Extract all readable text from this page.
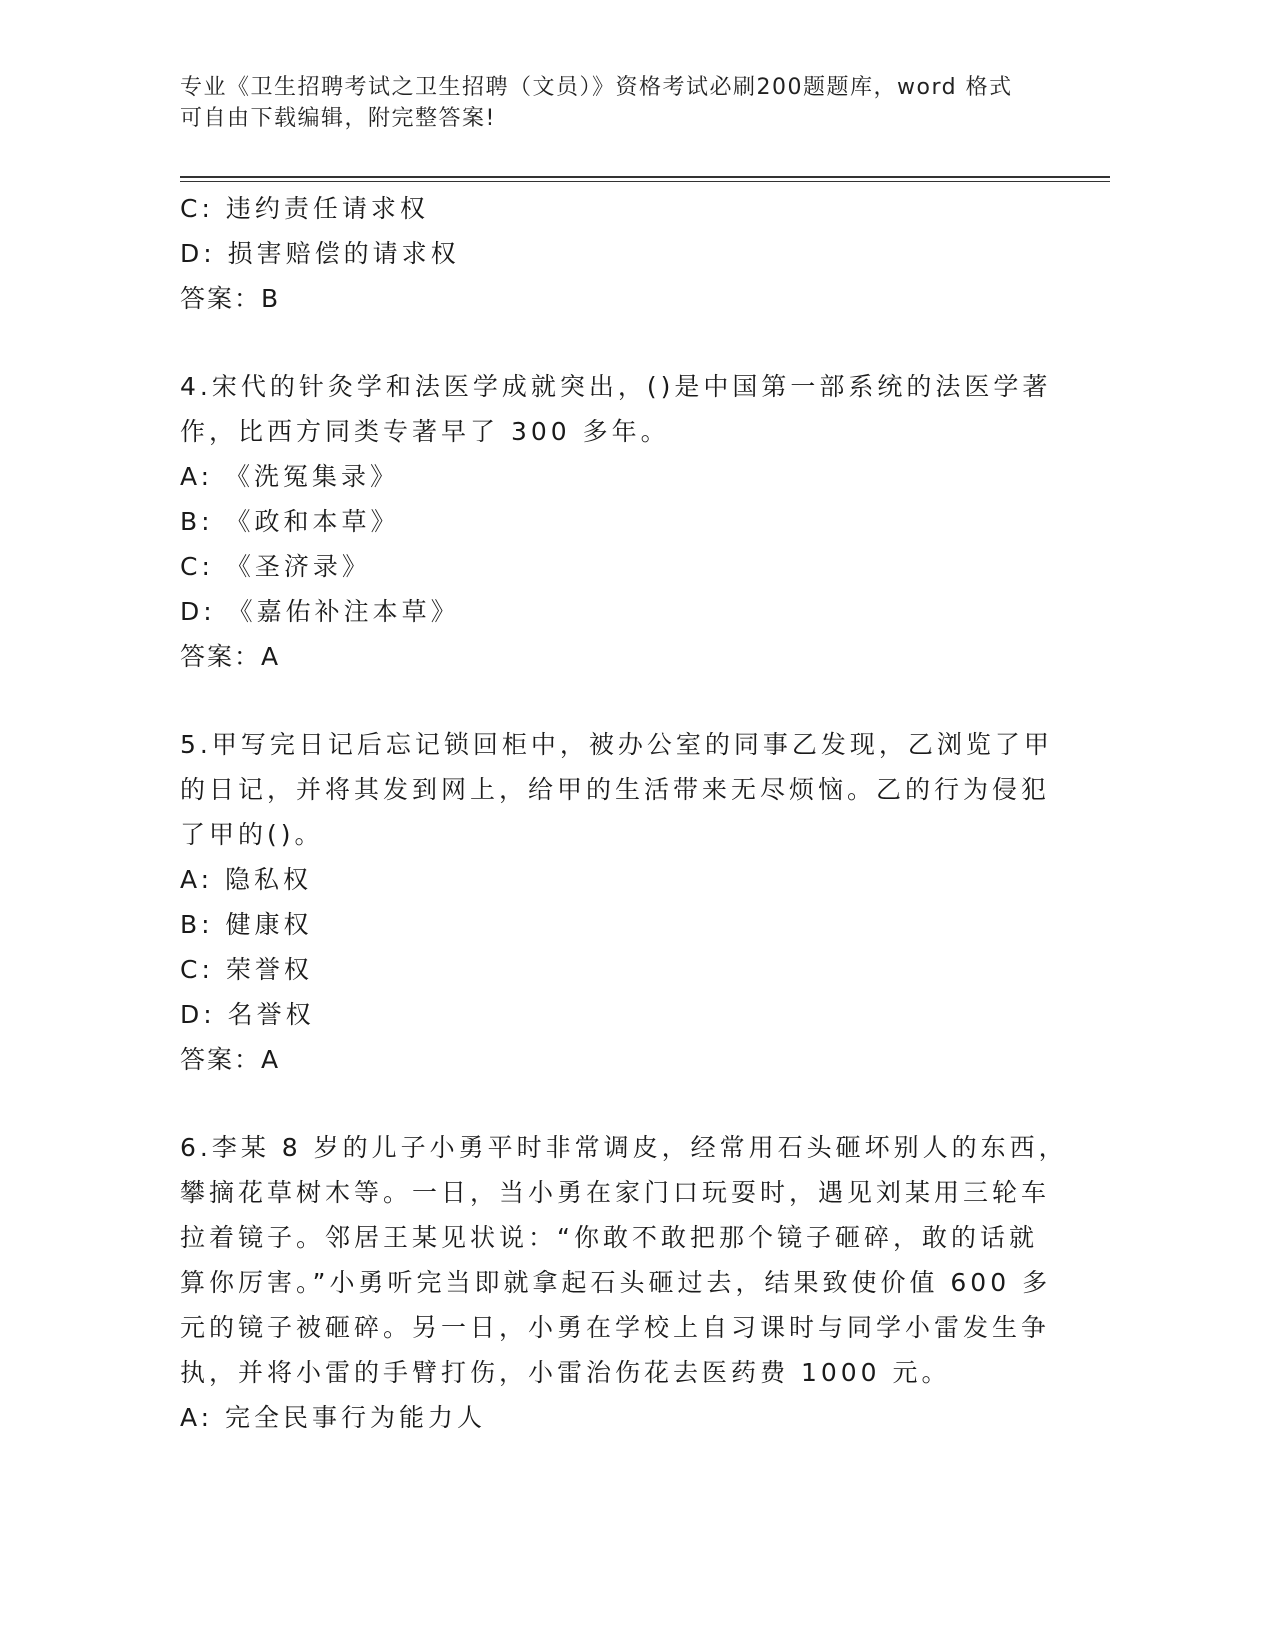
专业《卫生招聘考试之卫生招聘（文员）》资格考试必刷200题题库，word 格式
可自由下载编辑，附完整答案!
C: 违约责任请求权
D: 损害赔偿的请求权
答案：B
4.宋代的针灸学和法医学成就突出，()是中国第一部系统的法医学著
作，比西方同类专著早了 300 多年。
A: 《洗冤集录》
B: 《政和本草》
C: 《圣济录》
D: 《嘉佑补注本草》
答案：A
5.甲写完日记后忘记锁回柜中，被办公室的同事乙发现，乙浏览了甲
的日记，并将其发到网上，给甲的生活带来无尽烦恼。乙的行为侵犯
了甲的()。
A: 隐私权
B: 健康权
C: 荣誉权
D: 名誉权
答案：A
6.李某 8 岁的儿子小勇平时非常调皮，经常用石头砸坏别人的东西，
攀摘花草树木等。一日，当小勇在家门口玩耍时，遇见刘某用三轮车
拉着镜子。邻居王某见状说：“你敢不敢把那个镜子砸碎，敢的话就
算你厉害。”小勇听完当即就拿起石头砸过去，结果致使价值 600 多
元的镜子被砸碎。另一日，小勇在学校上自习课时与同学小雷发生争
执，并将小雷的手臂打伤，小雷治伤花去医药费 1000 元。
A: 完全民事行为能力人
